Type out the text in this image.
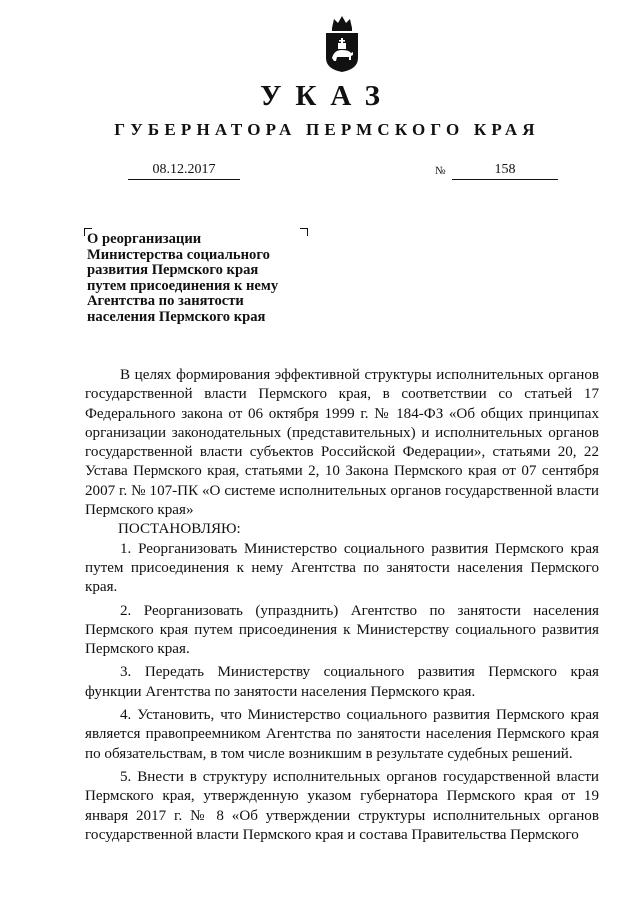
УКАЗ
ГУБЕРНАТОРА ПЕРМСКОГО КРАЯ
08.12.2017	№	158
О реорганизации
Министерства социального
развития Пермского края
путем присоединения к нему
Агентства по занятости
населения Пермского края

В целях формирования эффективной структуры исполнительных органов государственной власти Пермского края, в соответствии со статьей 17 Федерального закона от 06 октября 1999 г. № 184-ФЗ «Об общих принципах организации законодательных (представительных) и исполнительных органов государственной власти субъектов Российской Федерации», статьями 20, 22 Устава Пермского края, статьями 2, 10 Закона Пермского края от 07 сентября 2007 г. № 107-ПК «О системе исполнительных органов государственной власти Пермского края»

ПОСТАНОВЛЯЮ:

1. Реорганизовать Министерство социального развития Пермского края путем присоединения к нему Агентства по занятости населения Пермского края.

2. Реорганизовать (упразднить) Агентство по занятости населения Пермского края путем присоединения к Министерству социального развития Пермского края.

3. Передать Министерству социального развития Пермского края функции Агентства по занятости населения Пермского края.

4. Установить, что Министерство социального развития Пермского края является правопреемником Агентства по занятости населения Пермского края по обязательствам, в том числе возникшим в результате судебных решений.

5. Внести в структуру исполнительных органов государственной власти Пермского края, утвержденную указом губернатора Пермского края от 19 января 2017 г. № 8 «Об утверждении структуры исполнительных органов государственной власти Пермского края и состава Правительства Пермского
